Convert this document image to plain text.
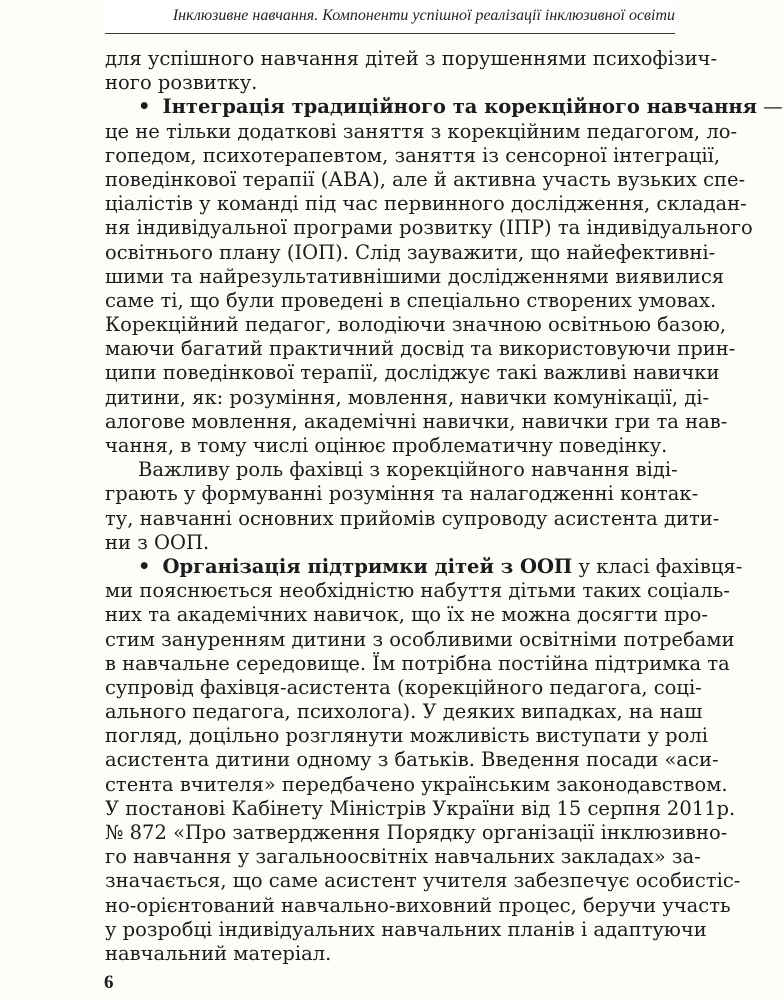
Інклюзивне навчання. Компоненти успішної реалізації інклюзивної освіти
для успішного навчання дітей з порушеннями психофізич-
ного розвитку.
• Інтеграція традиційного та корекційного навчання —
це не тільки додаткові заняття з корекційним педагогом, ло-
гопедом, психотерапевтом, заняття із сенсорної інтеграції,
поведінкової терапії (АВА), але й активна участь вузьких спе-
ціалістів у команді під час первинного дослідження, складан-
ня індивідуальної програми розвитку (ІПР) та індивідуального
освітнього плану (ІОП). Слід зауважити, що найефективні-
шими та найрезультативнішими дослідженнями виявилися
саме ті, що були проведені в спеціально створених умовах.
Корекційний педагог, володіючи значною освітньою базою,
маючи багатий практичний досвід та використовуючи прин-
ципи поведінкової терапії, досліджує такі важливі навички
дитини, як: розуміння, мовлення, навички комунікації, ді-
алогове мовлення, академічні навички, навички гри та нав-
чання, в тому числі оцінює проблематичну поведінку.
Важливу роль фахівці з корекційного навчання віді-
грають у формуванні розуміння та налагодженні контак-
ту, навчанні основних прийомів супроводу асистента дити-
ни з ООП.
• Організація підтримки дітей з ООП у класі фахівця-
ми пояснюється необхідністю набуття дітьми таких соціаль-
них та академічних навичок, що їх не можна досягти про-
стим зануренням дитини з особливими освітніми потребами
в навчальне середовище. Їм потрібна постійна підтримка та
супровід фахівця-асистента (корекційного педагога, соці-
ального педагога, психолога). У деяких випадках, на наш
погляд, доцільно розглянути можливість виступати у ролі
асистента дитини одному з батьків. Введення посади «аси-
стента вчителя» передбачено українським законодавством.
У постанові Кабінету Міністрів України від 15 серпня 2011р.
№ 872 «Про затвердження Порядку організації інклюзивно-
го навчання у загальноосвітніх навчальних закладах» за-
значається, що саме асистент учителя забезпечує особистіс-
но-орієнтований навчально-виховний процес, беручи участь
у розробці індивідуальних навчальних планів і адаптуючи
навчальний матеріал.
6
